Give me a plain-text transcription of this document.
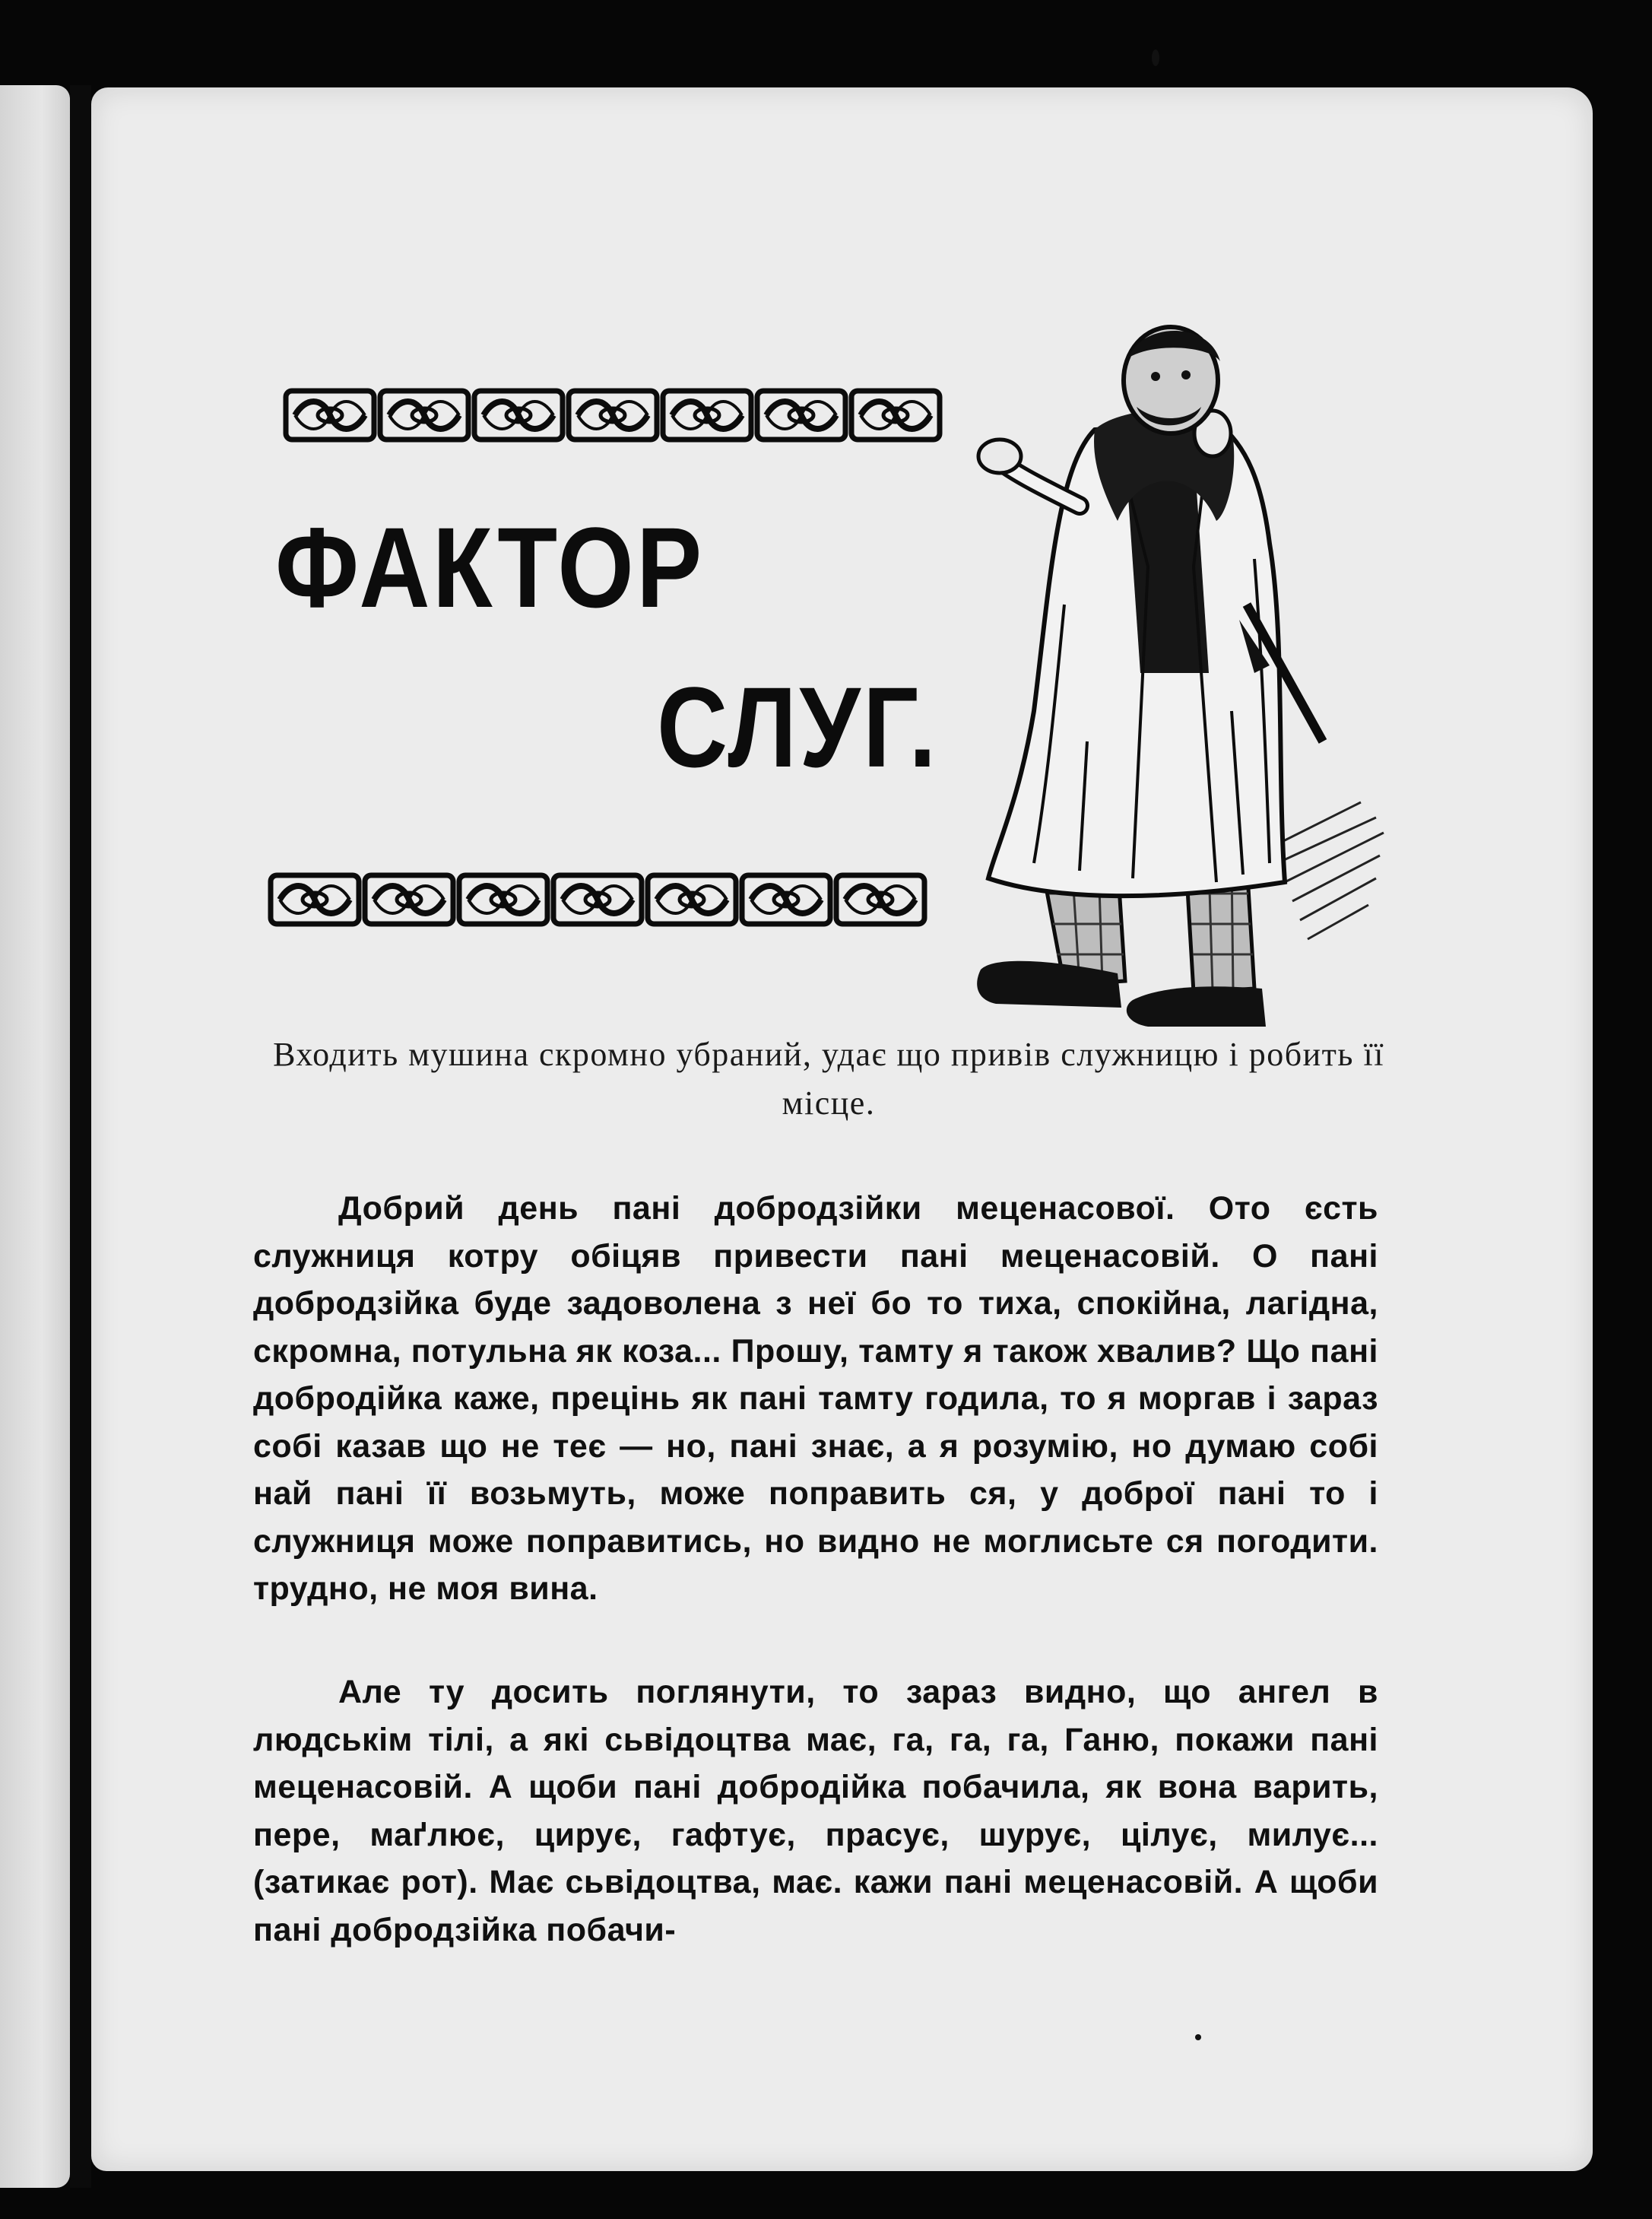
ФАКТОР
СЛУГ.

Входить мушина скромно убраний, удає що привів служницю і робить її місце.

Добрий день пані добродзійки меценасової. Ото єсть служниця котру обіцяв привести пані меценасовій. О пані добродзійка буде задоволена з неї бо то тиха, спокійна, лагідна, скромна, потульна як коза... Прошу, тамту я також хвалив? Що пані добродійка каже, прецінь як пані тамту годила, то я моргав і зараз собі казав що не теє — но, пані знає, а я розумію, но думаю собі най пані її возьмуть, може поправить ся, у доброї пані то і служниця може поправитись, но видно не моглисьте ся погодити. трудно, не моя вина.

Але ту досить поглянути, то зараз видно, що ангел в людськім тілі, а які сьвідоцтва має, га, га, га, Ганю, покажи пані меценасовій. А щоби пані добродійка побачила, як вона варить, пере, маґлює, цирує, гафтує, прасує, шурує, цілує, милує... (затикає рот). Має сьвідоцтва, має. кажи пані меценасовій. А щоби пані добродзійка побачи-
